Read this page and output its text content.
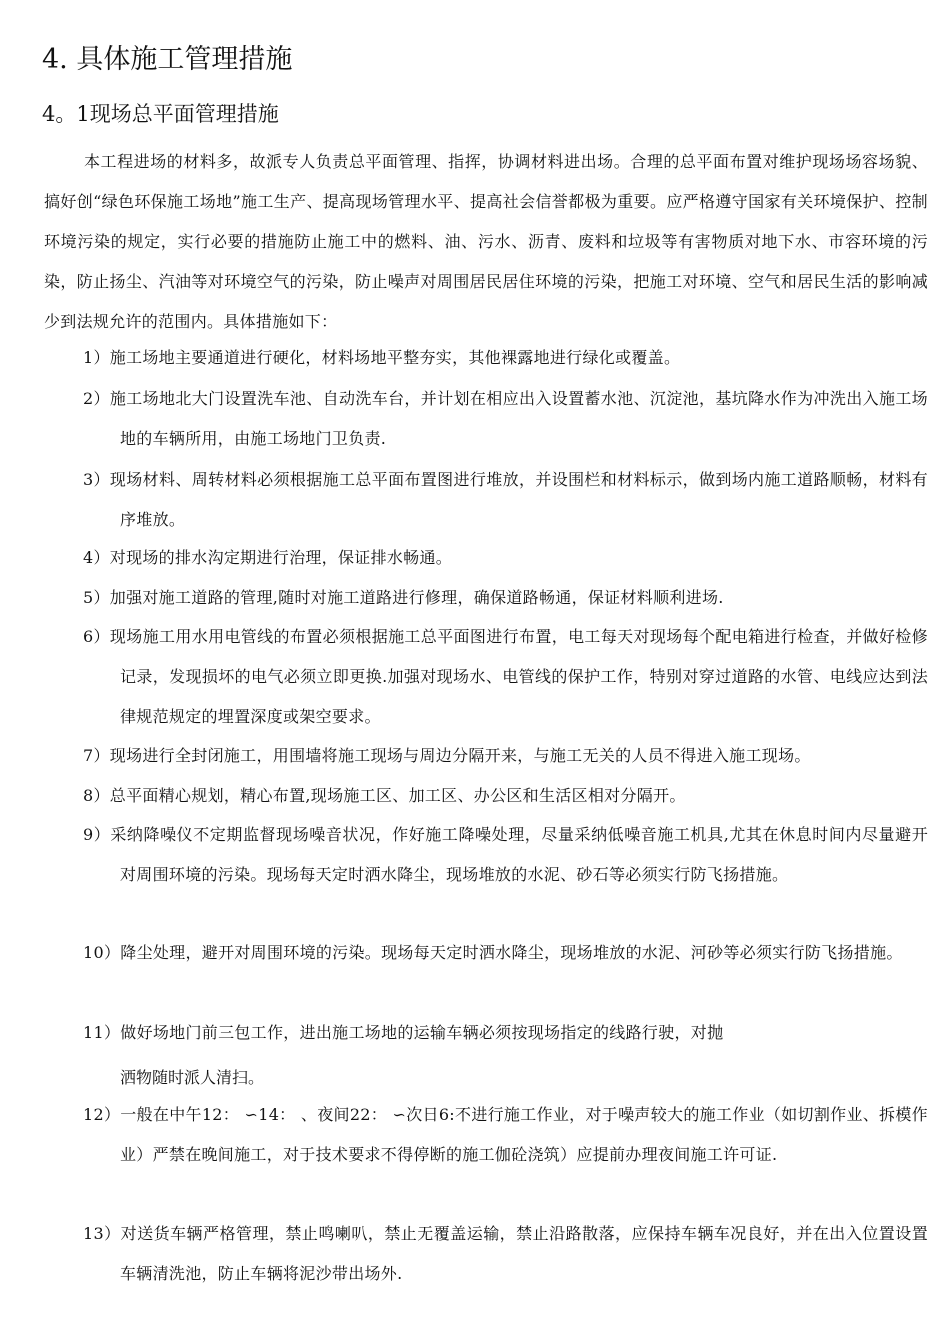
4. 具体施工管理措施
4。1现场总平面管理措施

本工程进场的材料多，故派专人负责总平面管理、指挥，协调材料进出场。合理的总平面布置对维护现场场容场貌、搞好创“绿色环保施工场地”施工生产、提高现场管理水平、提高社会信誉都极为重要。应严格遵守国家有关环境保护、控制环境污染的规定，实行必要的措施防止施工中的燃料、油、污水、沥青、废料和垃圾等有害物质对地下水、市容环境的污染，防止扬尘、汽油等对环境空气的污染，防止噪声对周围居民居住环境的污染，把施工对环境、空气和居民生活的影响减少到法规允许的范围内。具体措施如下：

1）施工场地主要通道进行硬化，材料场地平整夯实，其他裸露地进行绿化或覆盖。

2）施工场地北大门设置洗车池、自动洗车台，并计划在相应出入设置蓄水池、沉淀池，基坑降水作为冲洗出入施工场地的车辆所用，由施工场地门卫负责.

3）现场材料、周转材料必须根据施工总平面布置图进行堆放，并设围栏和材料标示，做到场内施工道路顺畅，材料有序堆放。

4）对现场的排水沟定期进行治理，保证排水畅通。

5）加强对施工道路的管理,随时对施工道路进行修理，确保道路畅通，保证材料顺利进场.

6）现场施工用水用电管线的布置必须根据施工总平面图进行布置，电工每天对现场每个配电箱进行检查，并做好检修记录，发现损坏的电气必须立即更换.加强对现场水、电管线的保护工作，特别对穿过道路的水管、电线应达到法律规范规定的埋置深度或架空要求。

7）现场进行全封闭施工，用围墙将施工现场与周边分隔开来，与施工无关的人员不得进入施工现场。

8）总平面精心规划，精心布置,现场施工区、加工区、办公区和生活区相对分隔开。

9）采纳降噪仪不定期监督现场噪音状况，作好施工降噪处理，尽量采纳低噪音施工机具,尤其在休息时间内尽量避开对周围环境的污染。现场每天定时洒水降尘，现场堆放的水泥、砂石等必须实行防飞扬措施。

10）降尘处理，避开对周围环境的污染。现场每天定时洒水降尘，现场堆放的水泥、河砂等必须实行防飞扬措施。

11）做好场地门前三包工作，进出施工场地的运输车辆必须按现场指定的线路行驶，对抛

洒物随时派人清扫。

12）一般在中午12： ∽14： 、夜间22： ∽次日6:不进行施工作业，对于噪声较大的施工作业（如切割作业、拆模作业）严禁在晚间施工，对于技术要求不得停断的施工伽砼浇筑）应提前办理夜间施工许可证.

13）对送货车辆严格管理，禁止鸣喇叭，禁止无覆盖运输，禁止沿路散落，应保持车辆车况良好，并在出入位置设置车辆清洗池，防止车辆将泥沙带出场外.
